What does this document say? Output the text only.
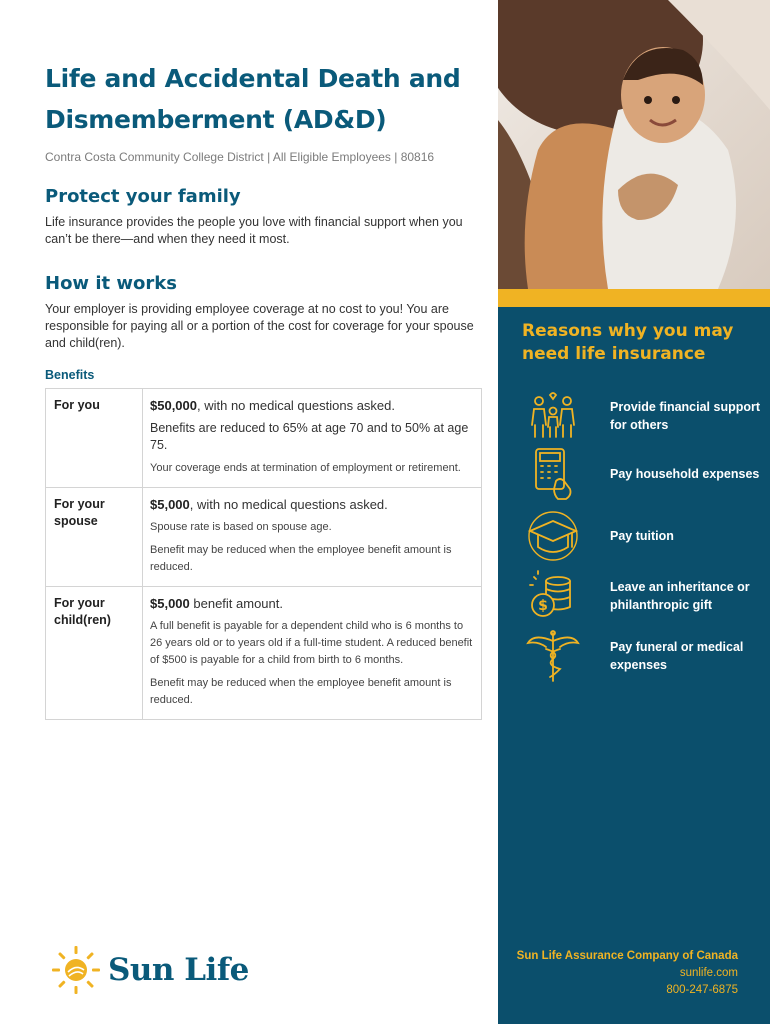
Life and Accidental Death and
Dismemberment (AD&D)
Contra Costa Community College District | All Eligible Employees | 80816
Protect your family

Life insurance provides the people you love with financial support when you can’t be there—and when they need it most.

How it works

Your employer is providing employee coverage at no cost to you! You are responsible for paying all or a portion of the cost for coverage for your spouse and child(ren).

Benefits
For you	$50,000, with no medical questions asked.
Benefits are reduced to 65% at age 70 and to 50% at age 75.
Your coverage ends at termination of employment or retirement.

For your spouse	$5,000, with no medical questions asked.
Spouse rate is based on spouse age.
Benefit may be reduced when the employee benefit amount is reduced.

For your child(ren)	$5,000 benefit amount.
A full benefit is payable for a dependent child who is 6 months to 26 years old or to years old if a full-time student. A reduced benefit of $500 is payable for a child from birth to 6 months.
Benefit may be reduced when the employee benefit amount is reduced.
Sun Life
Reasons why you may need life insurance
Provide financial support for others
Pay household expenses
Pay tuition
$
Leave an inheritance or philanthropic gift
Pay funeral or medical expenses
Sun Life Assurance Company of Canada
sunlife.com
800-247-6875
